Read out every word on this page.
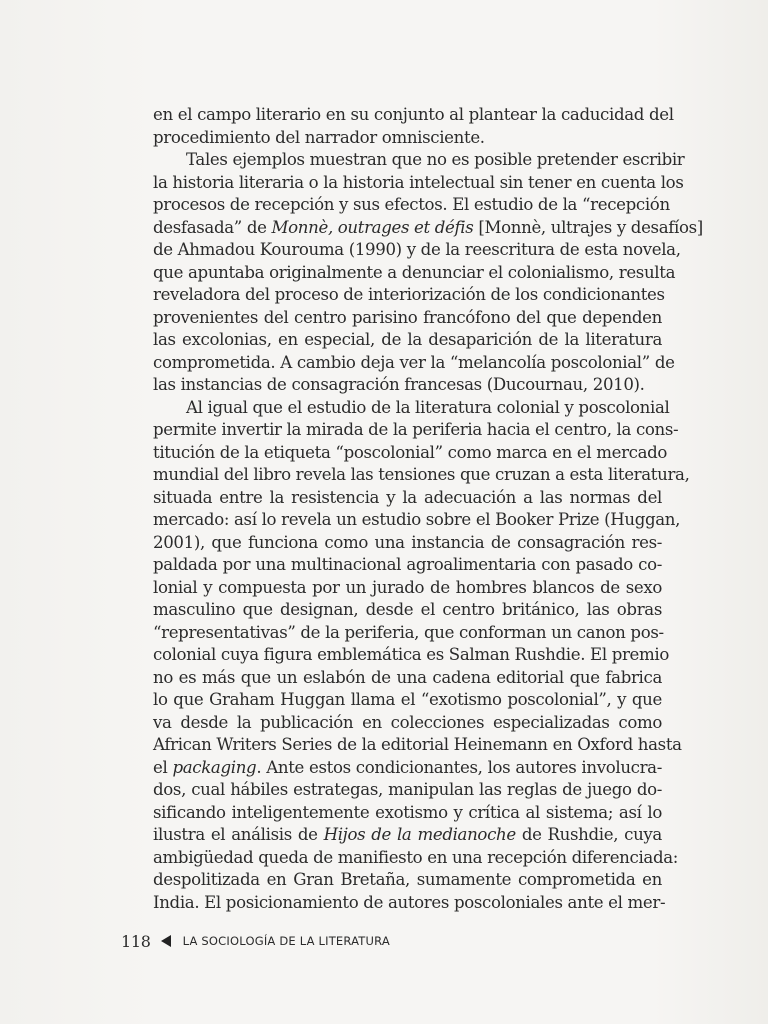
en el campo literario en su conjunto al plantear la caducidad del
procedimiento del narrador omnisciente.
Tales ejemplos muestran que no es posible pretender escribir
la historia literaria o la historia intelectual sin tener en cuenta los
procesos de recepción y sus efectos. El estudio de la “recepción
desfasada” de Monnè, outrages et défis [Monnè, ultrajes y desafíos]
de Ahmadou Kourouma (1990) y de la reescritura de esta novela,
que apuntaba originalmente a denunciar el colonialismo, resulta
reveladora del proceso de interiorización de los condicionantes
provenientes del centro parisino francófono del que dependen
las excolonias, en especial, de la desaparición de la literatura
comprometida. A cambio deja ver la “melancolía poscolonial” de
las instancias de consagración francesas (Ducournau, 2010).
Al igual que el estudio de la literatura colonial y poscolonial
permite invertir la mirada de la periferia hacia el centro, la cons-
titución de la etiqueta “poscolonial” como marca en el mercado
mundial del libro revela las tensiones que cruzan a esta literatura,
situada entre la resistencia y la adecuación a las normas del
mercado: así lo revela un estudio sobre el Booker Prize (Huggan,
2001), que funciona como una instancia de consagración res-
paldada por una multinacional agroalimentaria con pasado co-
lonial y compuesta por un jurado de hombres blancos de sexo
masculino que designan, desde el centro británico, las obras
“representativas” de la periferia, que conforman un canon pos-
colonial cuya figura emblemática es Salman Rushdie. El premio
no es más que un eslabón de una cadena editorial que fabrica
lo que Graham Huggan llama el “exotismo poscolonial”, y que
va desde la publicación en colecciones especializadas como
African Writers Series de la editorial Heinemann en Oxford hasta
el packaging. Ante estos condicionantes, los autores involucra-
dos, cual hábiles estrategas, manipulan las reglas de juego do-
sificando inteligentemente exotismo y crítica al sistema; así lo
ilustra el análisis de Hijos de la medianoche de Rushdie, cuya
ambigüedad queda de manifiesto en una recepción diferenciada:
despolitizada en Gran Bretaña, sumamente comprometida en
India. El posicionamiento de autores poscoloniales ante el mer-
118	LA SOCIOLOGÍA DE LA LITERATURA
